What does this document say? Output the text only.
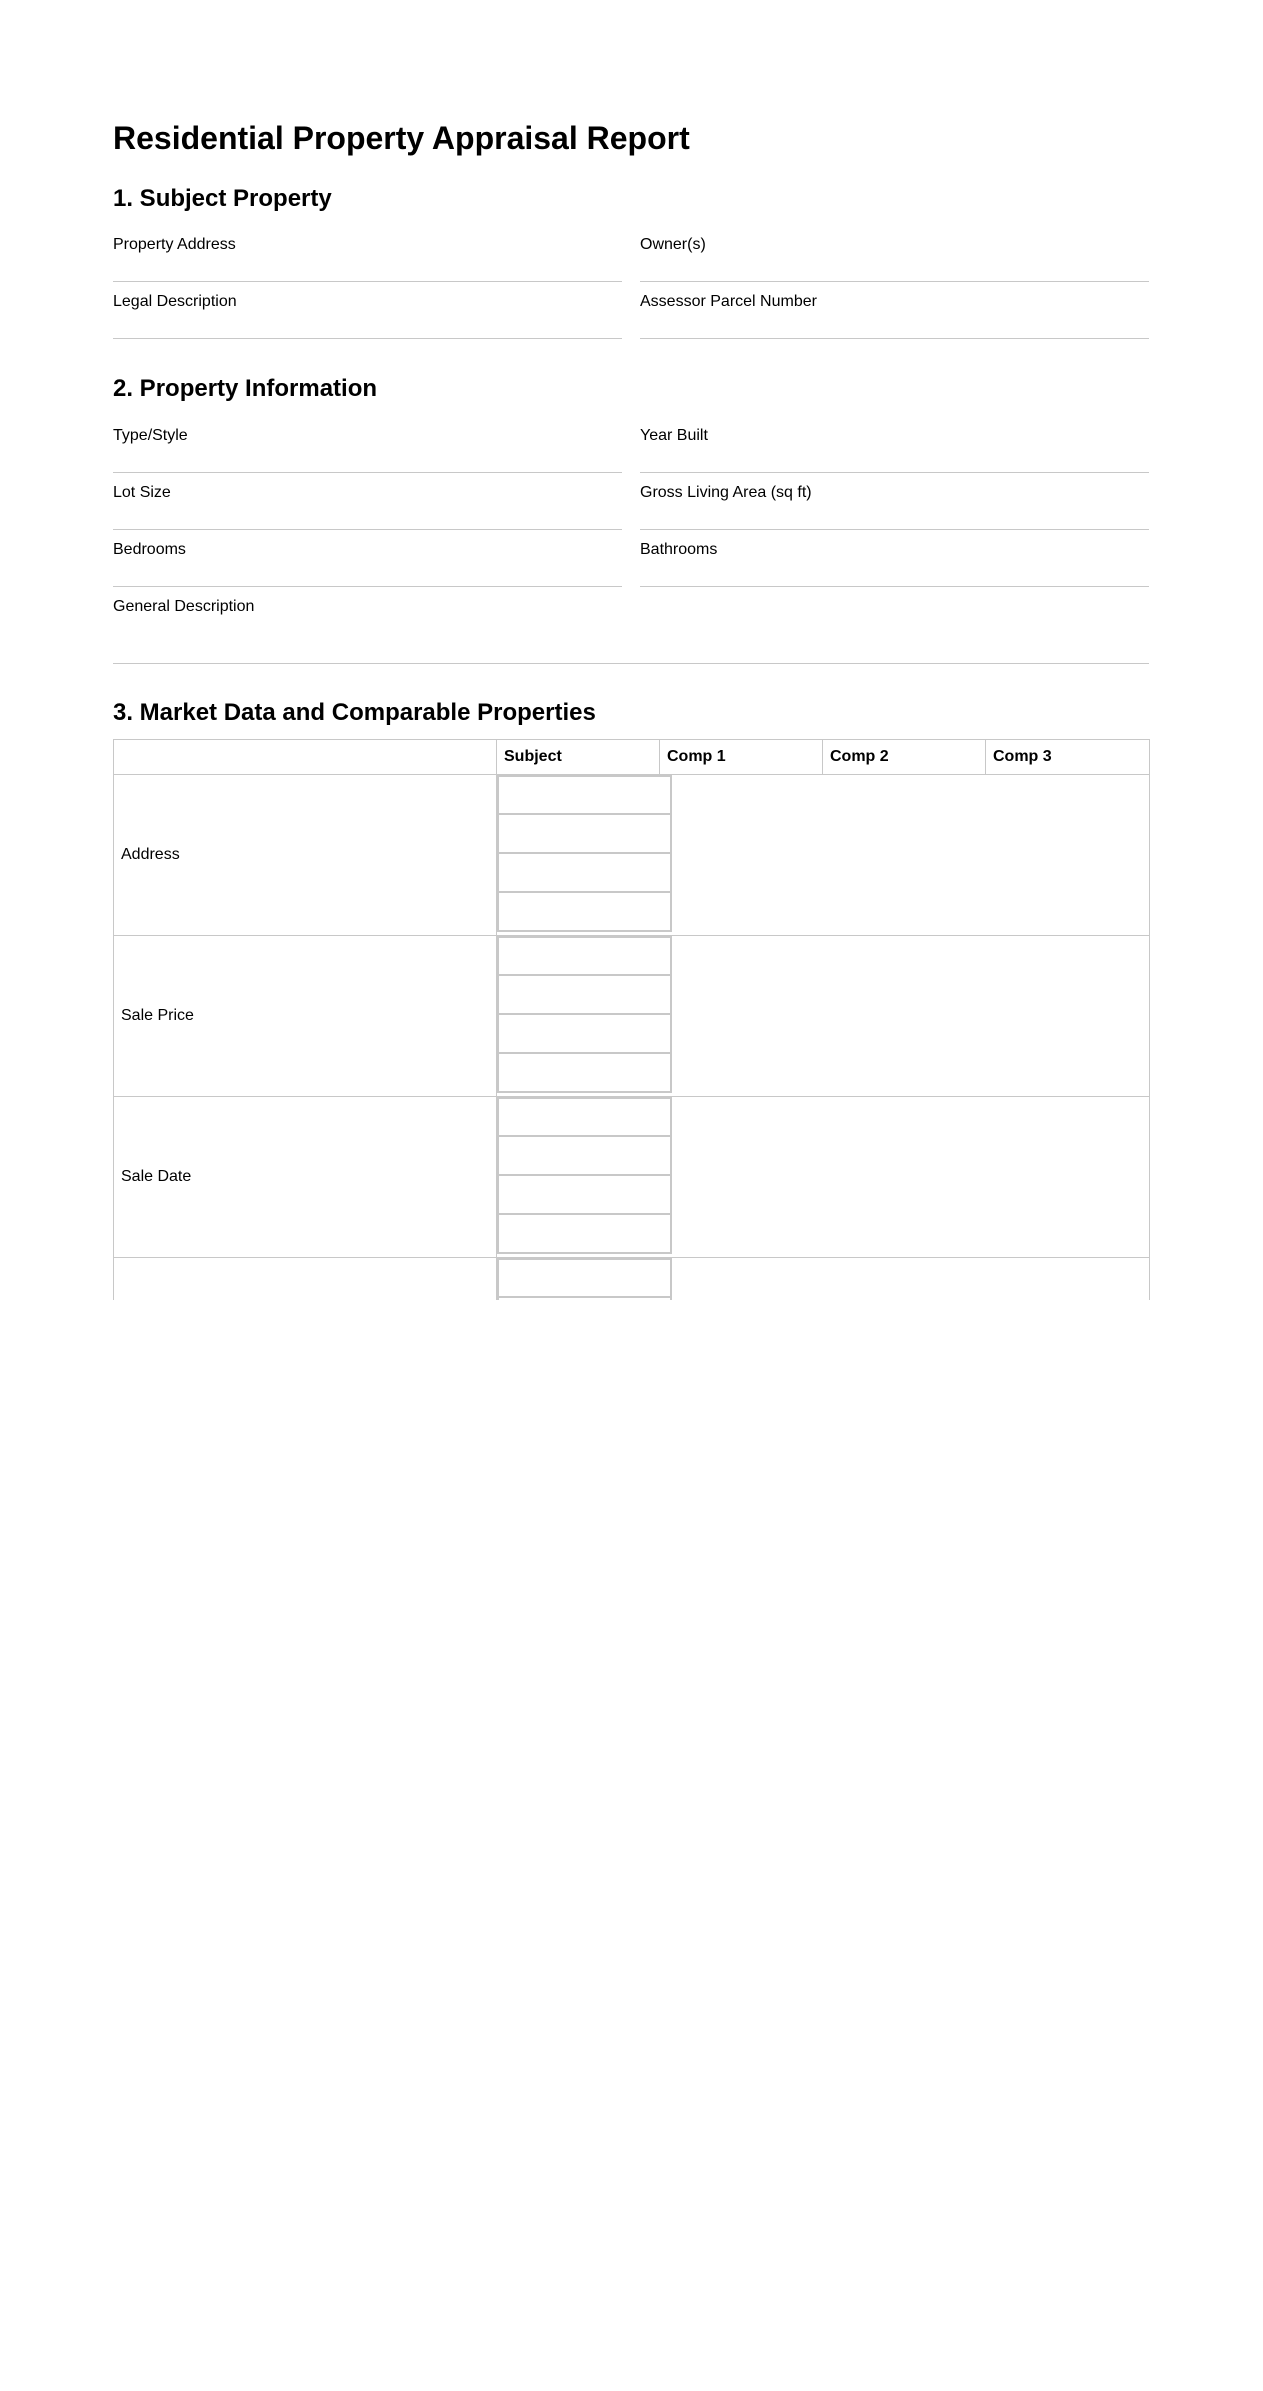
Residential Property Appraisal Report
1. Subject Property
Property Address	Owner(s)
Legal Description	Assessor Parcel Number
2. Property Information
Type/Style	Year Built
Lot Size	Gross Living Area (sq ft)
Bedrooms	Bathrooms
General Description
3. Market Data and Comparable Properties
	Subject	Comp 1	Comp 2	Comp 3
Address	

Sale Price	

Sale Date	
